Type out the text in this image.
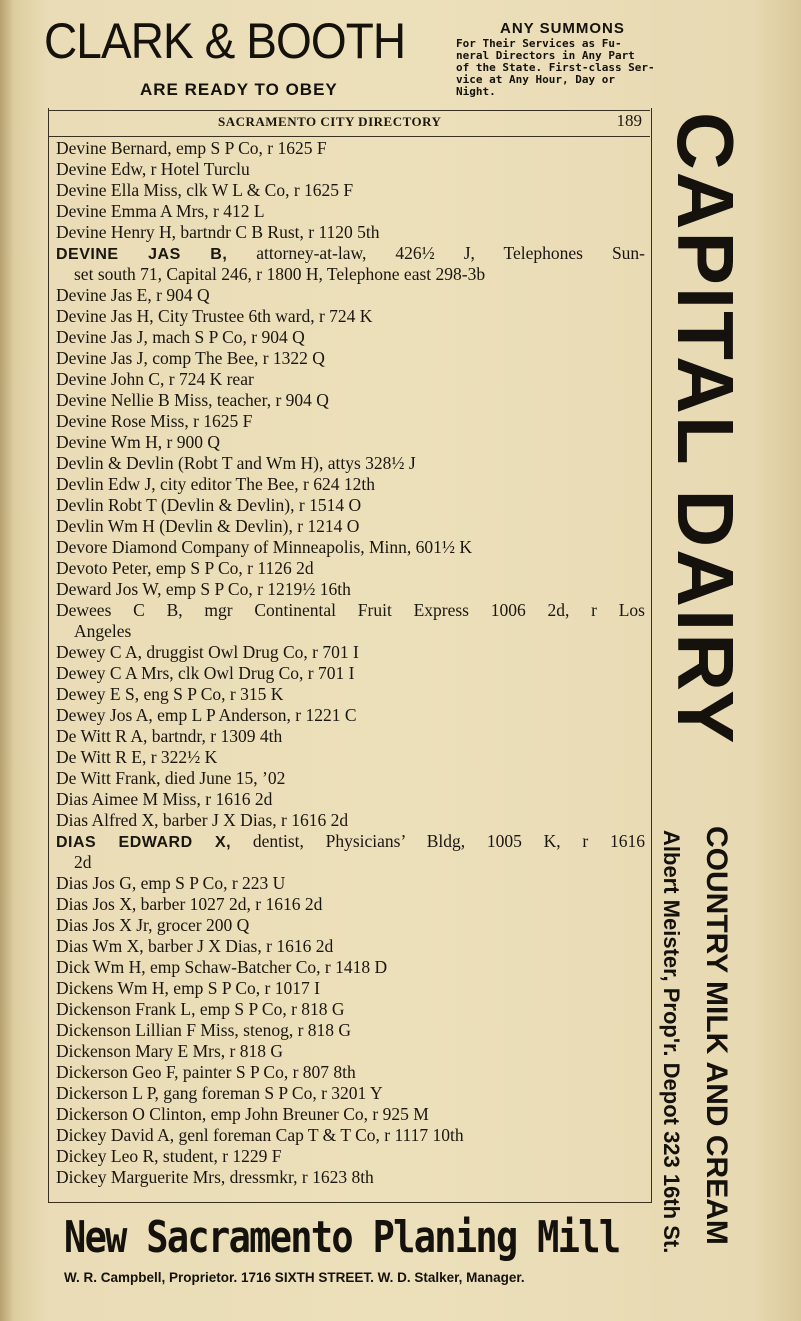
CLARK & BOOTH
ARE READY TO OBEY
ANY SUMMONS
For Their Services as Fu-
neral Directors in Any Part
of the State. First-class Ser-
vice at Any Hour, Day or
Night.
SACRAMENTO CITY DIRECTORY	189
Devine Bernard, emp S P Co, r 1625 F
Devine Edw, r Hotel Turclu
Devine Ella Miss, clk W L & Co, r 1625 F
Devine Emma A Mrs, r 412 L
Devine Henry H, bartndr C B Rust, r 1120 5th
DEVINE JAS B, attorney-at-law, 426½ J, Telephones Sun-
set south 71, Capital 246, r 1800 H, Telephone east 298-3b
Devine Jas E, r 904 Q
Devine Jas H, City Trustee 6th ward, r 724 K
Devine Jas J, mach S P Co, r 904 Q
Devine Jas J, comp The Bee, r 1322 Q
Devine John C, r 724 K rear
Devine Nellie B Miss, teacher, r 904 Q
Devine Rose Miss, r 1625 F
Devine Wm H, r 900 Q
Devlin & Devlin (Robt T and Wm H), attys 328½ J
Devlin Edw J, city editor The Bee, r 624 12th
Devlin Robt T (Devlin & Devlin), r 1514 O
Devlin Wm H (Devlin & Devlin), r 1214 O
Devore Diamond Company of Minneapolis, Minn, 601½ K
Devoto Peter, emp S P Co, r 1126 2d
Deward Jos W, emp S P Co, r 1219½ 16th
Dewees C B, mgr Continental Fruit Express 1006 2d, r Los
Angeles
Dewey C A, druggist Owl Drug Co, r 701 I
Dewey C A Mrs, clk Owl Drug Co, r 701 I
Dewey E S, eng S P Co, r 315 K
Dewey Jos A, emp L P Anderson, r 1221 C
De Witt R A, bartndr, r 1309 4th
De Witt R E, r 322½ K
De Witt Frank, died June 15, ’02
Dias Aimee M Miss, r 1616 2d
Dias Alfred X, barber J X Dias, r 1616 2d
DIAS EDWARD X, dentist, Physicians’ Bldg, 1005 K, r 1616
2d
Dias Jos G, emp S P Co, r 223 U
Dias Jos X, barber 1027 2d, r 1616 2d
Dias Jos X Jr, grocer 200 Q
Dias Wm X, barber J X Dias, r 1616 2d
Dick Wm H, emp Schaw-Batcher Co, r 1418 D
Dickens Wm H, emp S P Co, r 1017 I
Dickenson Frank L, emp S P Co, r 818 G
Dickenson Lillian F Miss, stenog, r 818 G
Dickenson Mary E Mrs, r 818 G
Dickerson Geo F, painter S P Co, r 807 8th
Dickerson L P, gang foreman S P Co, r 3201 Y
Dickerson O Clinton, emp John Breuner Co, r 925 M
Dickey David A, genl foreman Cap T & T Co, r 1117 10th
Dickey Leo R, student, r 1229 F
Dickey Marguerite Mrs, dressmkr, r 1623 8th
CAPITAL DAIRY
Albert Meister, Prop'r. Depot 323 16th St. COUNTRY MILK AND CREAM
New Sacramento Planing Mill
W. R. Campbell, Proprietor. 1716 SIXTH STREET. W. D. Stalker, Manager.
